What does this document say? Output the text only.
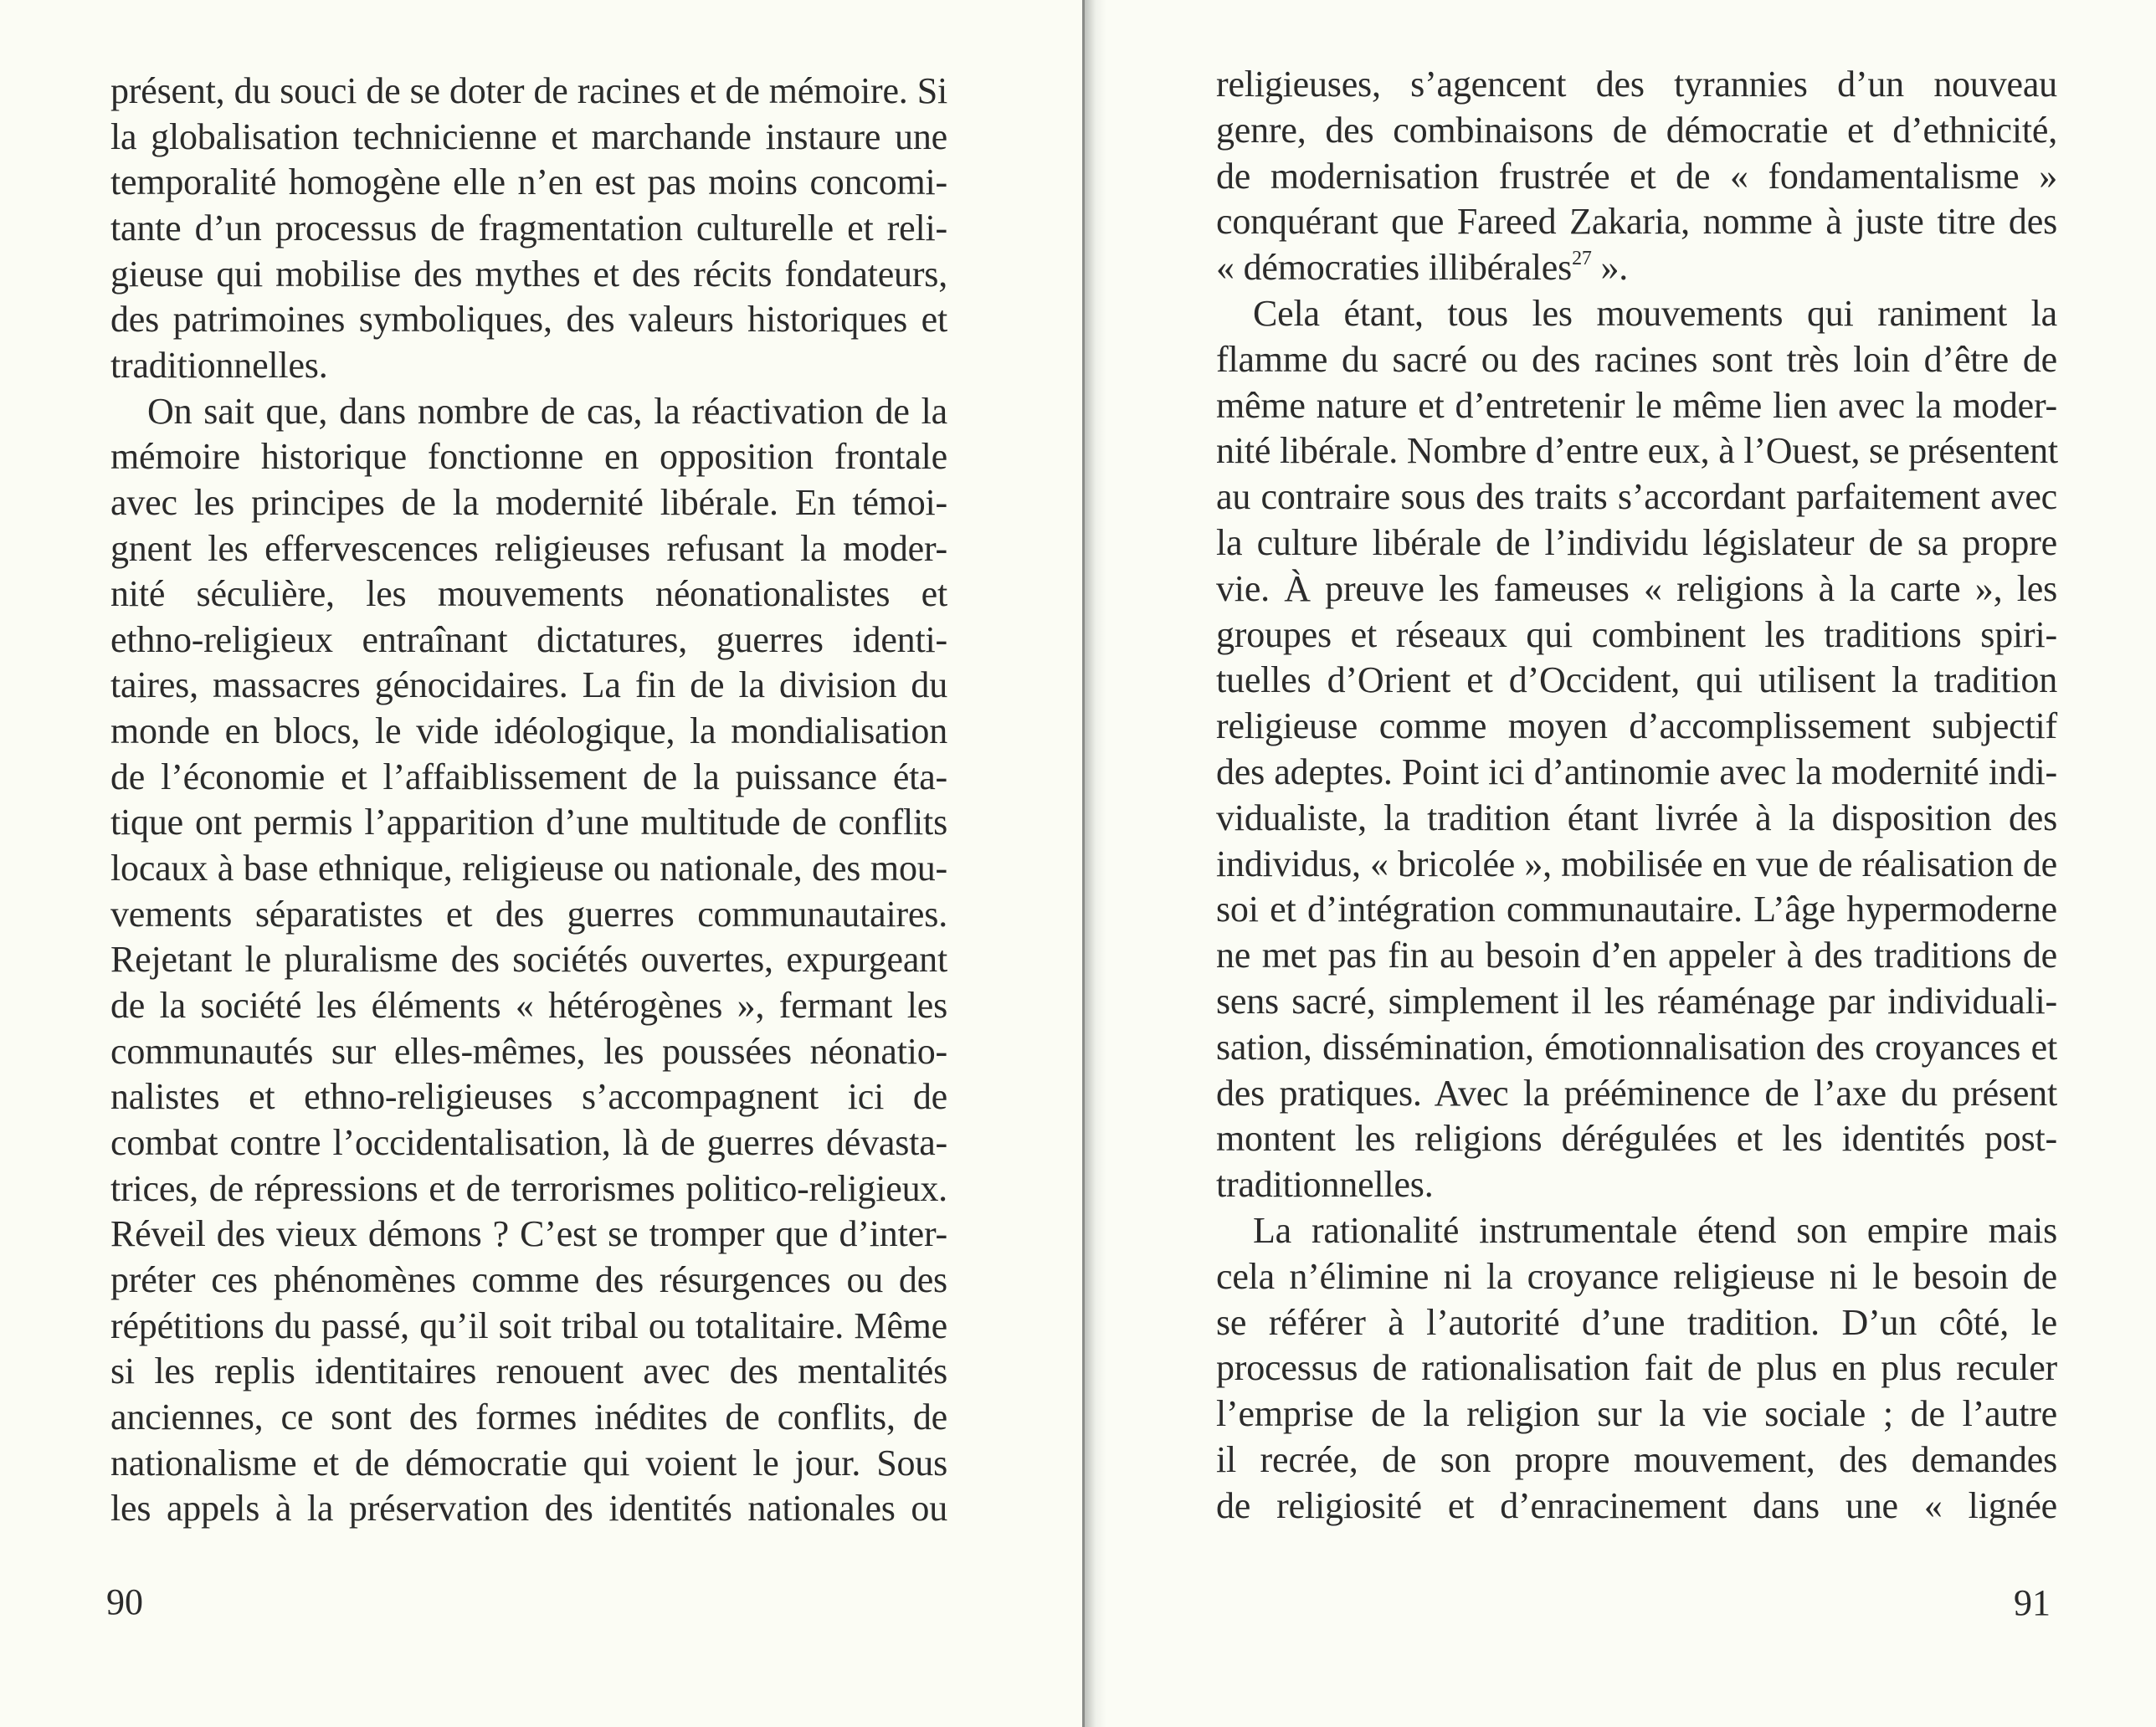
présent, du souci de se doter de racines et de mémoire. Si
la globalisation technicienne et marchande instaure une
temporalité homogène elle n’en est pas moins concomi-
tante d’un processus de fragmentation culturelle et reli-
gieuse qui mobilise des mythes et des récits fondateurs,
des patrimoines symboliques, des valeurs historiques et
traditionnelles.
On sait que, dans nombre de cas, la réactivation de la
mémoire historique fonctionne en opposition frontale
avec les principes de la modernité libérale. En témoi-
gnent les effervescences religieuses refusant la moder-
nité séculière, les mouvements néonationalistes et
ethno-religieux entraînant dictatures, guerres identi-
taires, massacres génocidaires. La fin de la division du
monde en blocs, le vide idéologique, la mondialisation
de l’économie et l’affaiblissement de la puissance éta-
tique ont permis l’apparition d’une multitude de conflits
locaux à base ethnique, religieuse ou nationale, des mou-
vements séparatistes et des guerres communautaires.
Rejetant le pluralisme des sociétés ouvertes, expurgeant
de la société les éléments « hétérogènes », fermant les
communautés sur elles-mêmes, les poussées néonatio-
nalistes et ethno-religieuses s’accompagnent ici de
combat contre l’occidentalisation, là de guerres dévasta-
trices, de répressions et de terrorismes politico-religieux.
Réveil des vieux démons ? C’est se tromper que d’inter-
préter ces phénomènes comme des résurgences ou des
répétitions du passé, qu’il soit tribal ou totalitaire. Même
si les replis identitaires renouent avec des mentalités
anciennes, ce sont des formes inédites de conflits, de
nationalisme et de démocratie qui voient le jour. Sous
les appels à la préservation des identités nationales ou
90
religieuses, s’agencent des tyrannies d’un nouveau
genre, des combinaisons de démocratie et d’ethnicité,
de modernisation frustrée et de « fondamentalisme »
conquérant que Fareed Zakaria, nomme à juste titre des
« démocraties illibérales$^{27}$ ».
Cela étant, tous les mouvements qui raniment la
flamme du sacré ou des racines sont très loin d’être de
même nature et d’entretenir le même lien avec la moder-
nité libérale. Nombre d’entre eux, à l’Ouest, se présentent
au contraire sous des traits s’accordant parfaitement avec
la culture libérale de l’individu législateur de sa propre
vie. À preuve les fameuses « religions à la carte », les
groupes et réseaux qui combinent les traditions spiri-
tuelles d’Orient et d’Occident, qui utilisent la tradition
religieuse comme moyen d’accomplissement subjectif
des adeptes. Point ici d’antinomie avec la modernité indi-
vidualiste, la tradition étant livrée à la disposition des
individus, « bricolée », mobilisée en vue de réalisation de
soi et d’intégration communautaire. L’âge hypermoderne
ne met pas fin au besoin d’en appeler à des traditions de
sens sacré, simplement il les réaménage par individuali-
sation, dissémination, émotionnalisation des croyances et
des pratiques. Avec la prééminence de l’axe du présent
montent les religions dérégulées et les identités post-
traditionnelles.
La rationalité instrumentale étend son empire mais
cela n’élimine ni la croyance religieuse ni le besoin de
se référer à l’autorité d’une tradition. D’un côté, le
processus de rationalisation fait de plus en plus reculer
l’emprise de la religion sur la vie sociale ; de l’autre
il recrée, de son propre mouvement, des demandes
de religiosité et d’enracinement dans une « lignée
91
